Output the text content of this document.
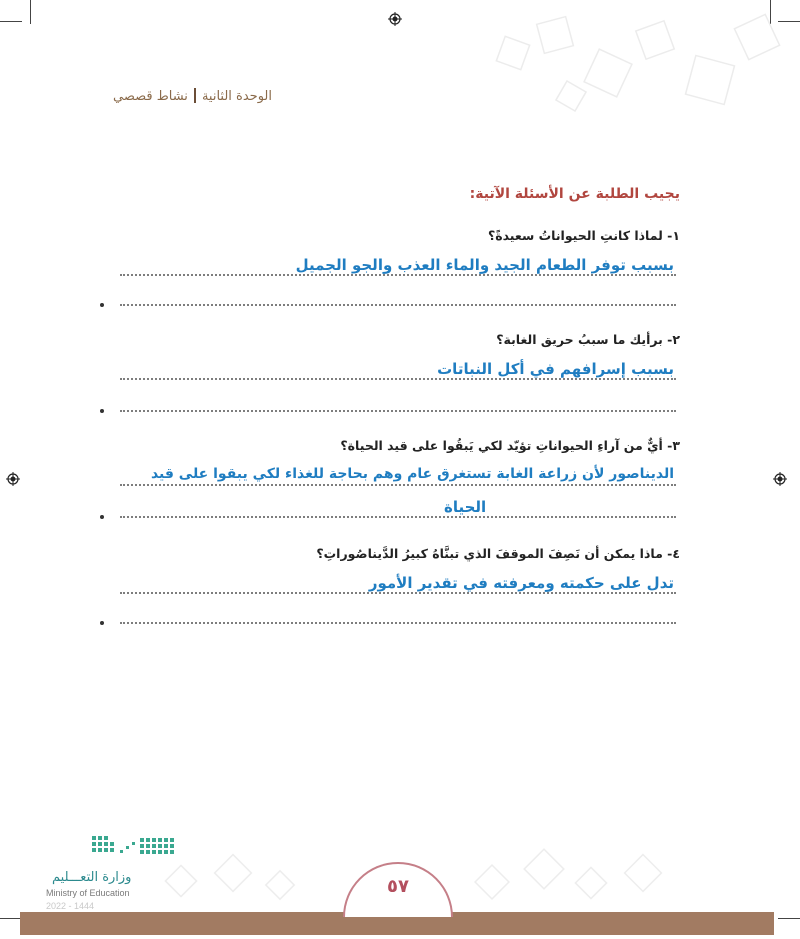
الوحدة الثانيةنشاط قصصي
يجيب الطلبة عن الأسئلة الآتية:
١- لماذا كانتِ الحيواناتُ سعيدةً؟
بسبب توفر الطعام الجيد والماء العذب والجو الجميل
٢- برأيك ما سببُ حريق الغابة؟
بسبب إسرافهم في أكل النباتات
٣- أيٌّ من آراءِ الحيواناتِ تؤيّد لكي يَبقُوا على قيد الحياة؟
الديناصور لأن زراعة الغابة تستغرق عام وهم بحاجة للغذاء لكي يبقوا على قيد
الحياة
٤- ماذا يمكن أن نَصِفَ الموقفَ الذي تبنَّاهُ كبيرُ الدَّيناصُوراتِ؟
تدل على حكمته ومعرفته في تقدير الأمور
وزارة التعـــليم
Ministry of Education
2022 - 1444
٥٧
